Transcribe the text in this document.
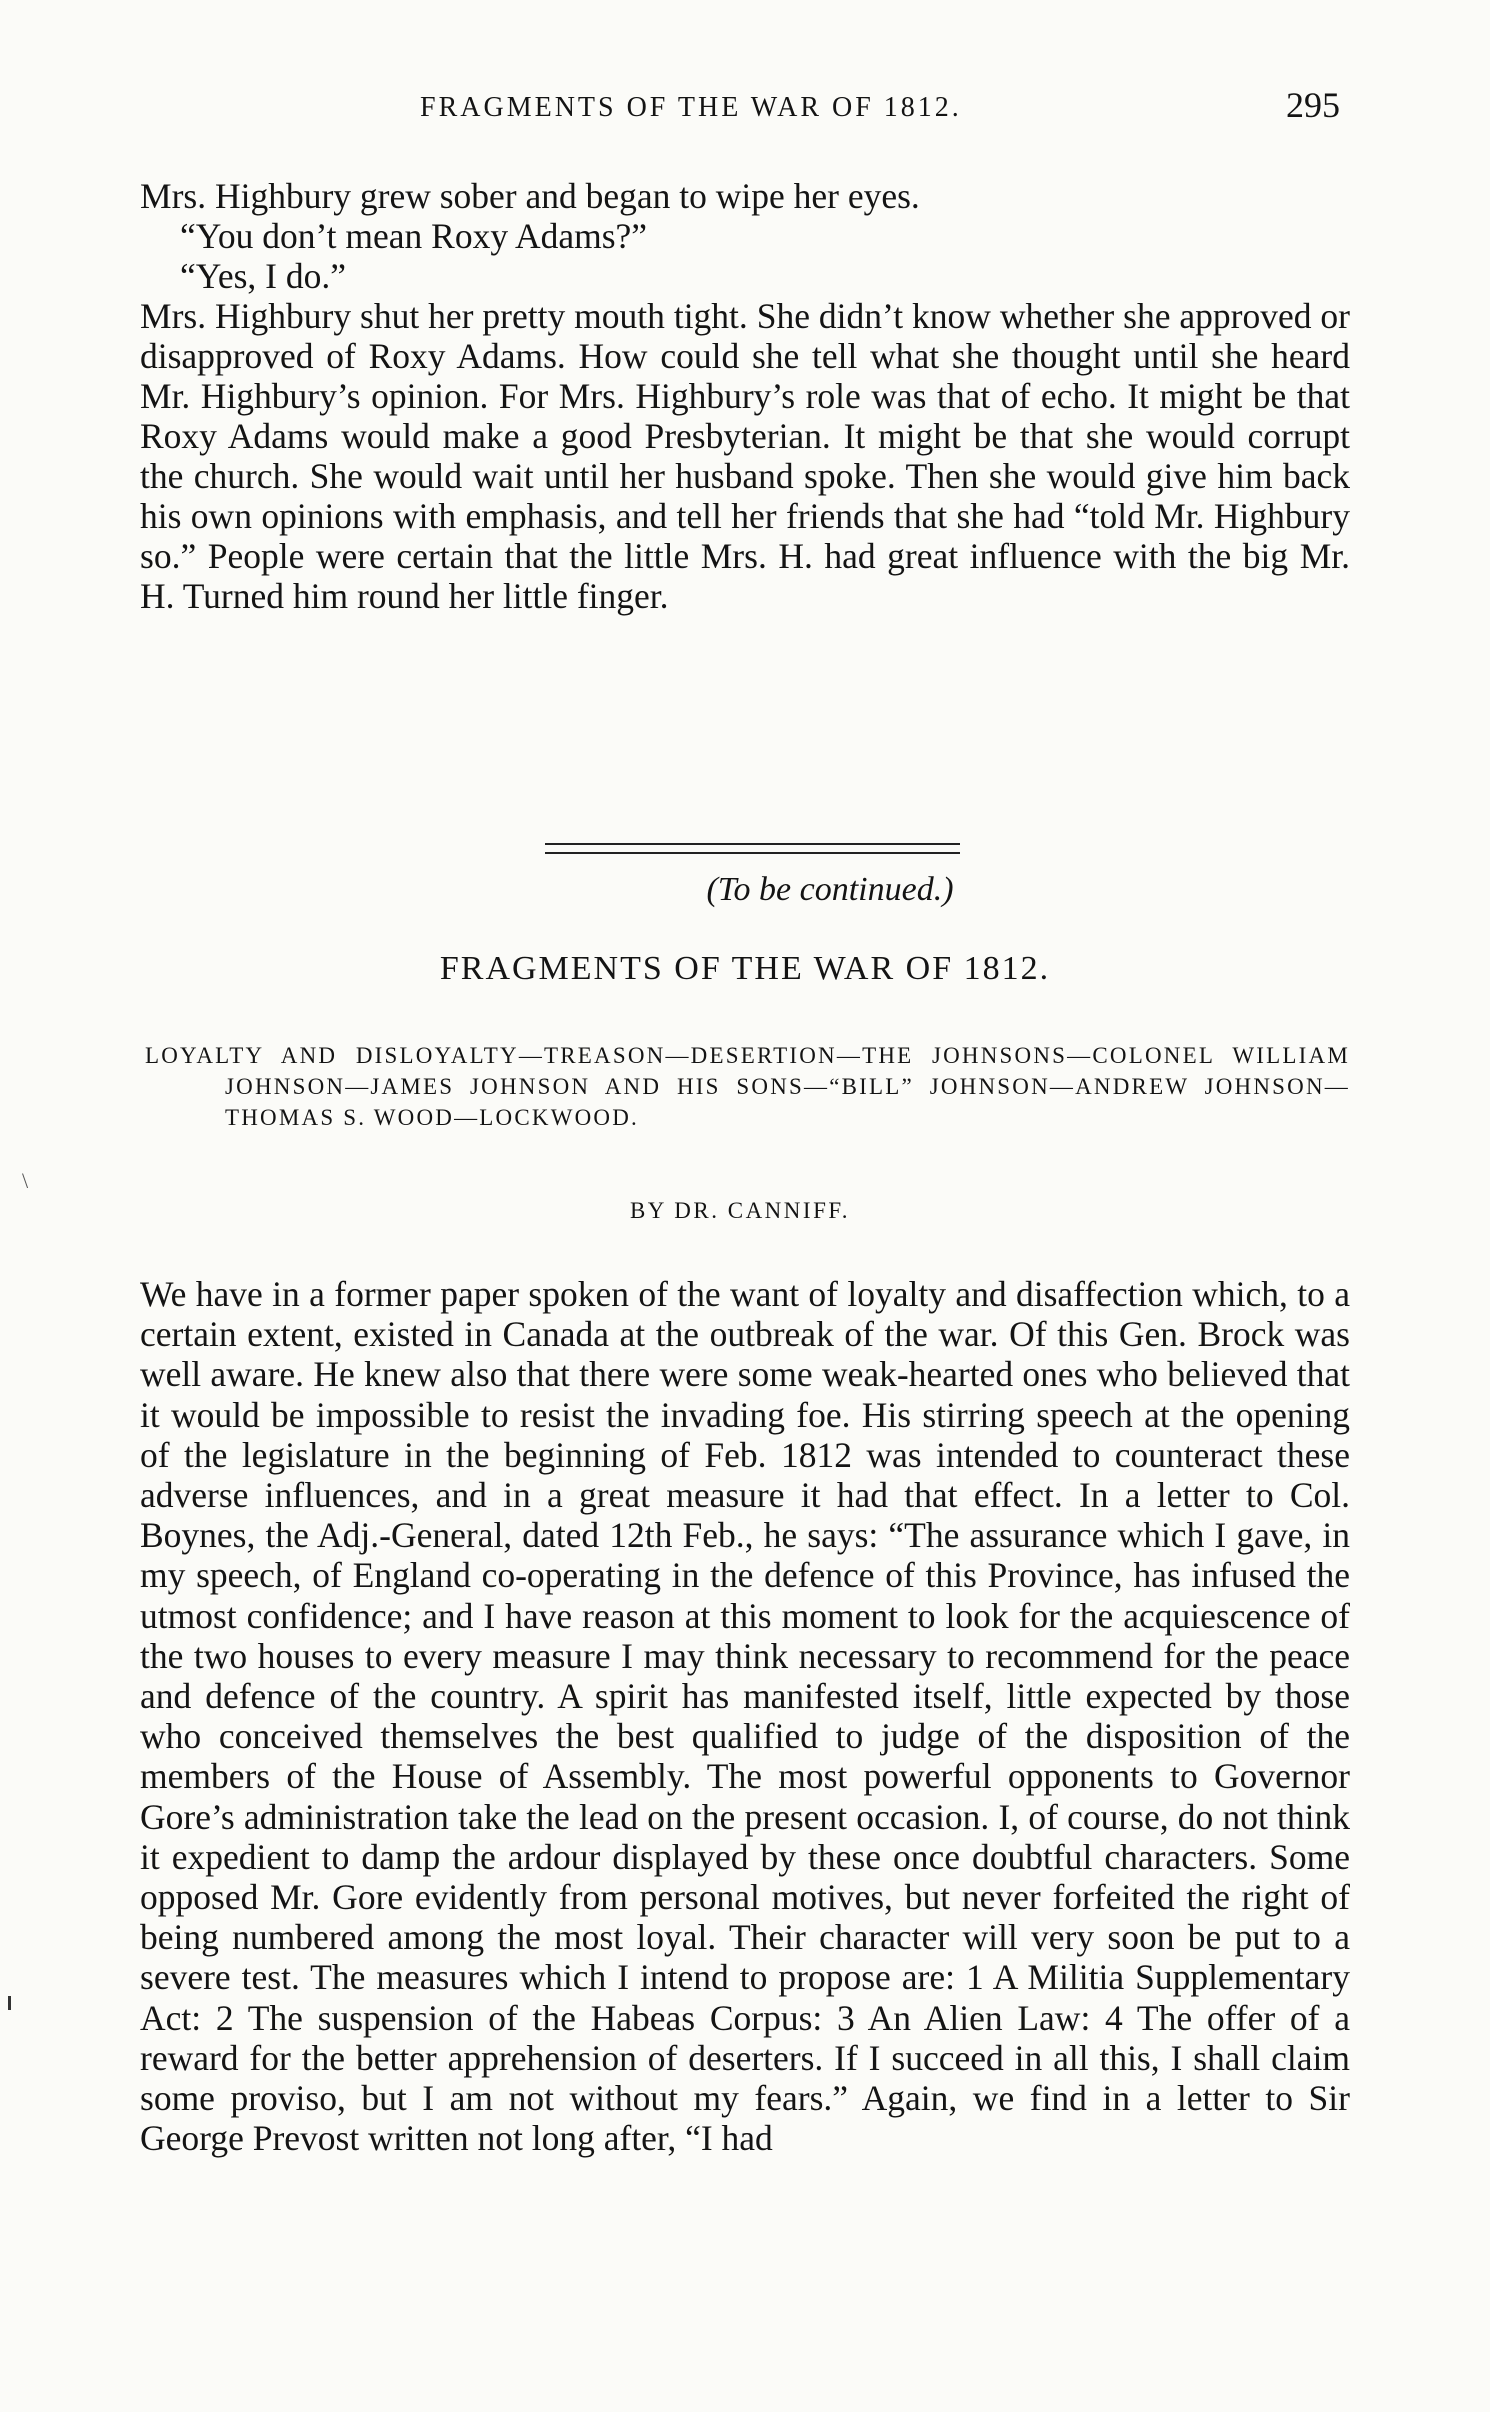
FRAGMENTS OF THE WAR OF 1812.	295

Mrs. Highbury grew sober and began to wipe her eyes.

“You don’t mean Roxy Adams?”

“Yes, I do.”

Mrs. Highbury shut her pretty mouth tight. She didn’t know whether she approved or disapproved of Roxy Adams. How could she tell what she thought until she heard Mr. Highbury’s opinion. For Mrs. Highbury’s role was that of echo. It might be that Roxy Adams would make a good Presbyterian. It might be that she would corrupt the church. She would wait until her husband spoke. Then she would give him back his own opinions with emphasis, and tell her friends that she had “told Mr. Highbury so.” People were certain that the little Mrs. H. had great influence with the big Mr. H. Turned him round her little finger.

(To be continued.)
FRAGMENTS OF THE WAR OF 1812.
LOYALTY AND DISLOYALTY—TREASON—DESERTION—THE JOHNSONS—COLONEL WILLIAM JOHNSON—JAMES JOHNSON AND HIS SONS—“BILL” JOHNSON—ANDREW JOHNSON—THOMAS S. WOOD—LOCKWOOD.
BY DR. CANNIFF.

We have in a former paper spoken of the want of loyalty and disaffection which, to a certain extent, existed in Canada at the outbreak of the war. Of this Gen. Brock was well aware. He knew also that there were some weak-hearted ones who believed that it would be impossible to resist the invading foe. His stirring speech at the opening of the legislature in the beginning of Feb. 1812 was intended to counteract these adverse influences, and in a great measure it had that effect. In a letter to Col. Boynes, the Adj.-General, dated 12th Feb., he says: “The assurance which I gave, in my speech, of England co-operating in the defence of this Province, has infused the utmost confidence; and I have reason at this moment to look for the acquiescence of the two houses to every measure I may think necessary to recommend for the peace and defence of the country. A spirit has manifested itself, little expected by those who conceived themselves the best qualified to judge of the disposition of the members of the House of Assembly. The most powerful opponents to Governor Gore’s administration take the lead on the present occasion. I, of course, do not think it expedient to damp the ardour displayed by these once doubtful characters. Some opposed Mr. Gore evidently from personal motives, but never forfeited the right of being numbered among the most loyal. Their character will very soon be put to a severe test. The measures which I intend to propose are: 1 A Militia Supplementary Act: 2 The suspension of the Habeas Corpus: 3 An Alien Law: 4 The offer of a reward for the better apprehension of deserters. If I succeed in all this, I shall claim some proviso, but I am not without my fears.” Again, we find in a letter to Sir George Prevost written not long after, “I had

\
